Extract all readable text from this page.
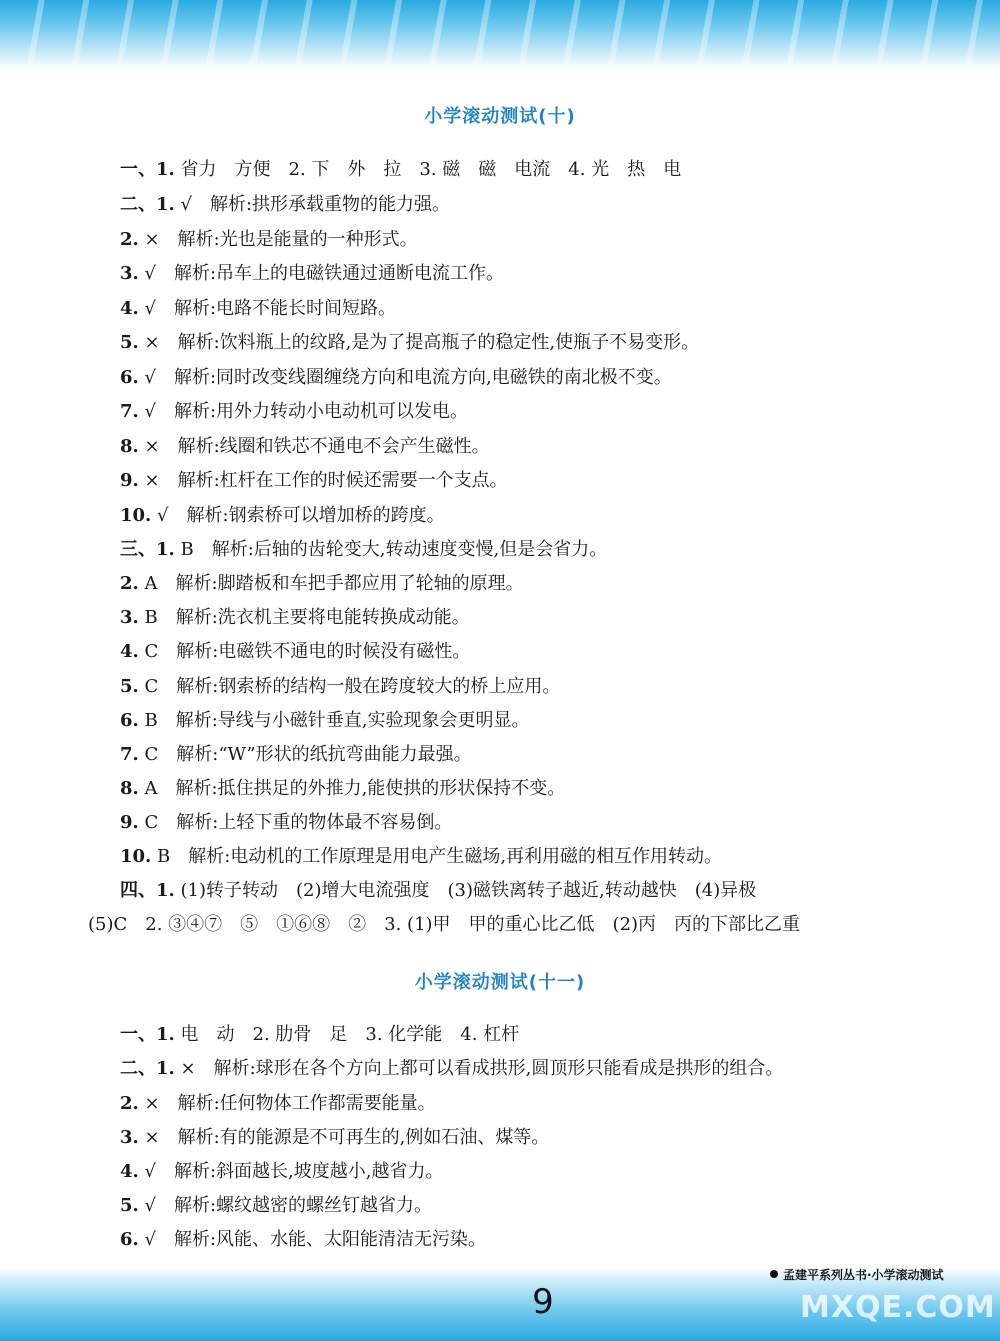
小学滚动测试(十)
一、1. 省力　方便　2. 下　外　拉　3. 磁　磁　电流　4. 光　热　电
二、1. √　解析:拱形承载重物的能力强。
2. ×　解析:光也是能量的一种形式。
3. √　解析:吊车上的电磁铁通过通断电流工作。
4. √　解析:电路不能长时间短路。
5. ×　解析:饮料瓶上的纹路,是为了提高瓶子的稳定性,使瓶子不易变形。
6. √　解析:同时改变线圈缠绕方向和电流方向,电磁铁的南北极不变。
7. √　解析:用外力转动小电动机可以发电。
8. ×　解析:线圈和铁芯不通电不会产生磁性。
9. ×　解析:杠杆在工作的时候还需要一个支点。
10. √　解析:钢索桥可以增加桥的跨度。
三、1. B　解析:后轴的齿轮变大,转动速度变慢,但是会省力。
2. A　解析:脚踏板和车把手都应用了轮轴的原理。
3. B　解析:洗衣机主要将电能转换成动能。
4. C　解析:电磁铁不通电的时候没有磁性。
5. C　解析:钢索桥的结构一般在跨度较大的桥上应用。
6. B　解析:导线与小磁针垂直,实验现象会更明显。
7. C　解析:“W”形状的纸抗弯曲能力最强。
8. A　解析:抵住拱足的外推力,能使拱的形状保持不变。
9. C　解析:上轻下重的物体最不容易倒。
10. B　解析:电动机的工作原理是用电产生磁场,再利用磁的相互作用转动。
四、1. (1)转子转动　(2)增大电流强度　(3)磁铁离转子越近,转动越快　(4)异极
(5)C　2. ③④⑦　⑤　①⑥⑧　②　3. (1)甲　甲的重心比乙低　(2)丙　丙的下部比乙重
小学滚动测试(十一)
一、1. 电　动　2. 肋骨　足　3. 化学能　4. 杠杆
二、1. ×　解析:球形在各个方向上都可以看成拱形,圆顶形只能看成是拱形的组合。
2. ×　解析:任何物体工作都需要能量。
3. ×　解析:有的能源是不可再生的,例如石油、煤等。
4. √　解析:斜面越长,坡度越小,越省力。
5. √　解析:螺纹越密的螺丝钉越省力。
6. √　解析:风能、水能、太阳能清洁无污染。
孟建平系列丛书·小学滚动测试
9	MXQE.COM
